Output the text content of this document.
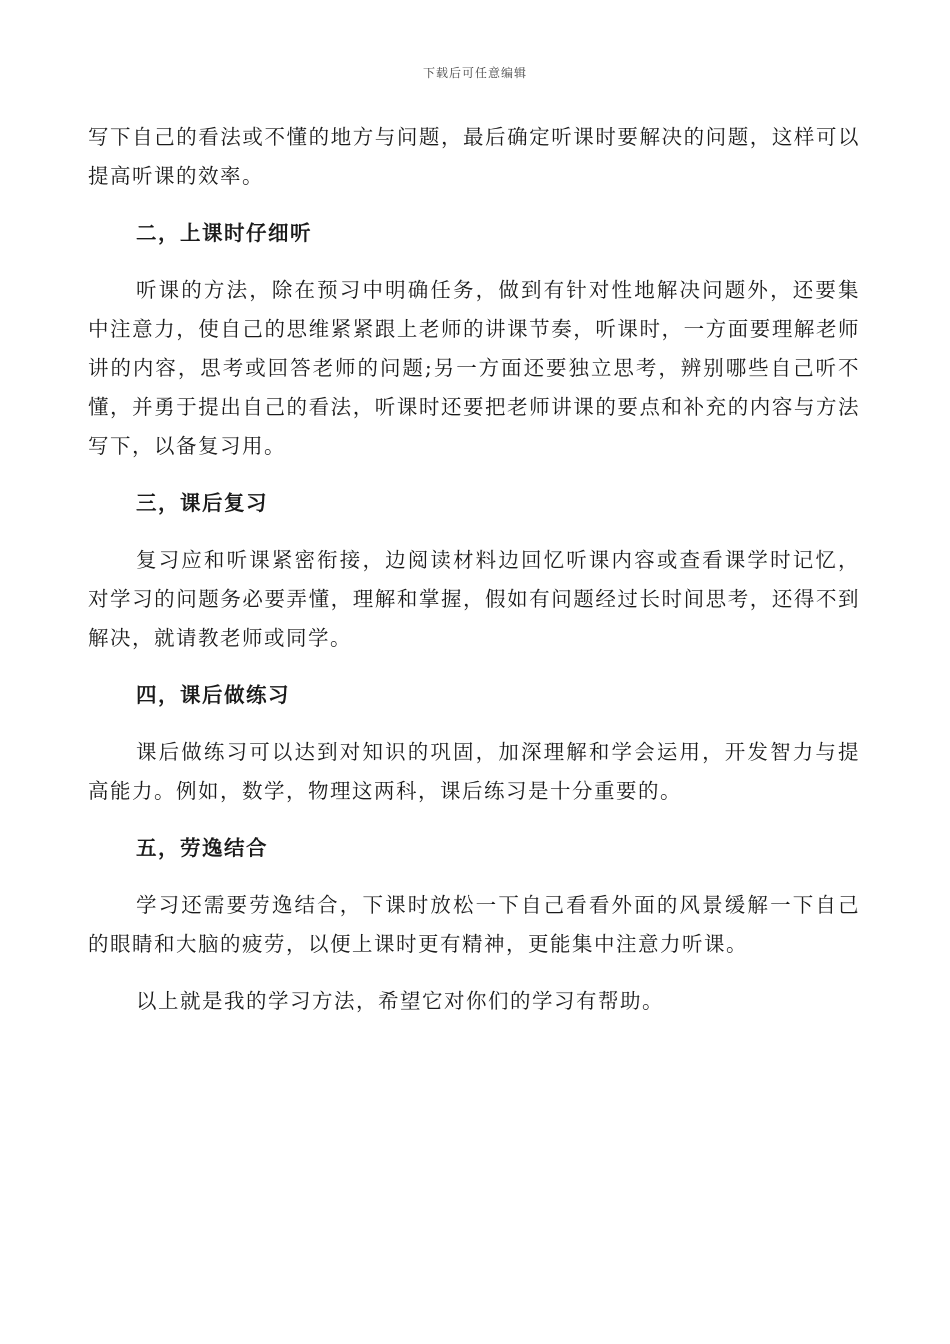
下载后可任意编辑

写下自己的看法或不懂的地方与问题，最后确定听课时要解决的问题，这样可以提高听课的效率。

二，上课时仔细听

听课的方法，除在预习中明确任务，做到有针对性地解决问题外，还要集中注意力，使自己的思维紧紧跟上老师的讲课节奏，听课时，一方面要理解老师讲的内容，思考或回答老师的问题;另一方面还要独立思考，辨别哪些自己听不懂，并勇于提出自己的看法，听课时还要把老师讲课的要点和补充的内容与方法写下，以备复习用。

三，课后复习

复习应和听课紧密衔接，边阅读材料边回忆听课内容或查看课学时记忆，对学习的问题务必要弄懂，理解和掌握，假如有问题经过长时间思考，还得不到解决，就请教老师或同学。

四，课后做练习

课后做练习可以达到对知识的巩固，加深理解和学会运用，开发智力与提高能力。例如，数学，物理这两科，课后练习是十分重要的。

五，劳逸结合

学习还需要劳逸结合，下课时放松一下自己看看外面的风景缓解一下自己的眼睛和大脑的疲劳，以便上课时更有精神，更能集中注意力听课。

以上就是我的学习方法，希望它对你们的学习有帮助。
